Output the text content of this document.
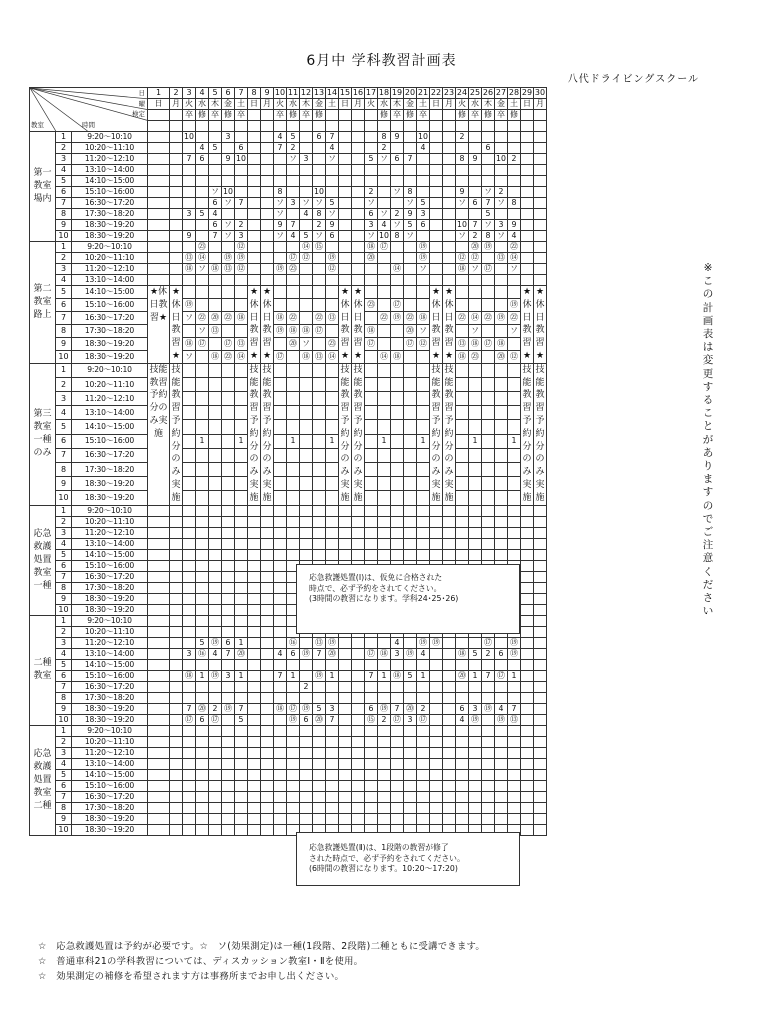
6月中 学科教習計画表
八代ドライビングスクール
日
曜
検定
教室 時間			1	2	3	4	5	6	7	8	9	10	11	12	13	14	15	16	17	18	19	20	21	22	23	24	25	26	27	28	29	30
			日	月	火	水	木	金	土	日	月	火	水	木	金	土	日	月	火	水	木	金	土	日	月	火	水	木	金	土	日	月
					卒	修	卒	修	卒			卒	修	卒	修					修	卒	修	卒			修	卒	修	卒	修		

第一教室 場内	1	9:20～10:10			10			3				4	5		6	7				8	9		10			2						
	2	10:20～11:10				4	5		6			7	2			4				2			4					6				
	3	11:20～12:10			7	6		9	10				ソ	3		ソ			5	ソ	6	7				8	9		10	2		
	4	13:10～14:00																														
	5	14:10～15:00																														
	6	15:10～16:00					ソ	10				8			10				2		ソ	8				9		ソ	2			
	7	16:30～17:20					6	ソ	7			ソ	3	ソ	ソ	5			ソ			ソ	5			ソ	6	7	ソ	8		
	8	17:30～18:20			3	5	4					ソ		4	8	ソ			6	ソ	2	9	3					5				
	9	18:30～19:20					6	ソ	2			9	7		2	9			3	4	ソ	5	6			10	7	ソ	3	9		
	10	18:30～19:20			9		7	ソ	3			ソ	4	5	ソ	6			ソ	10	8	ソ				ソ	2	8	ソ	4		
第二教室 路上	1	9:20～10:10				㉓			⑫					⑭	⑮				⑱	⑰			⑲				⑳	⑲		㉒		
	2	10:20～11:10			⑬	⑭		⑲	⑲				⑰	⑫		⑲			⑳				⑲			⑫	⑫		⑬	⑭		
	3	11:20～12:10			⑱	ソ	⑱	⑬	⑫			⑲	㉓			⑫					⑭		ソ			⑱	ソ	⑰		ソ		
	4	13:10～14:00																														
	5	14:10～15:00	★休日教習★	★休日教習★						★休日教習★	★休日教習★						★休日教習★	★休日教習★						★休日教習★	★休日教習★						★休日教習★	★休日教習★
	6	15:10～16:00			⑲														㉓		⑰									⑲		
	7	16:30～17:20			ソ	㉒	⑳	㉒	⑱			⑱	㉒		㉒	⑬				㉒	⑲	㉒	⑱			㉒	⑭	㉒	⑲	㉒		
	8	17:30～18:20				ソ	⑬					⑲	⑱	⑱	⑰				⑱			⑳	ソ				ソ			ソ		
	9	18:30～19:20			⑱	⑰		⑰	⑬				⑳	ソ		㉓			⑰			⑰	⑫			⑬	⑱	⑰	⑱			
	10	18:30～19:20			ソ		⑱	㉒	⑭			⑰		⑱	⑬	⑭				⑭	⑱					⑱	㉓		⑳	⑫		
第三教室 一種のみ	1	9:20～10:10	技能教習予約分のみ実施	技能教習予約分のみ実施						技能教習予約分のみ実施	技能教習予約分のみ実施						技能教習予約分のみ実施	技能教習予約分のみ実施						技能教習予約分のみ実施	技能教習予約分のみ実施						技能教習予約分のみ実施	技能教習予約分のみ実施
	2	10:20～11:10																														
	3	11:20～12:10																														
	4	13:10～14:00																														
	5	14:10～15:00																														
	6	15:10～16:00				1			1				1			1				1			1				1			1		
	7	16:30～17:20																														
	8	17:30～18:20																														
	9	18:30～19:20																														
	10	18:30～19:20																														
応急救護処置教室 一種	1	9:20～10:10																														
	2	10:20～11:10																														
	3	11:20～12:10																														
	4	13:10～14:00																														
	5	14:10～15:00																														
	6	15:10～16:00																														
	7	16:30～17:20																														
	8	17:30～18:20																														
	9	18:30～19:20																														
	10	18:30～19:20																														
二種教室	1	9:20～10:10																														
	2	10:20～11:10																														
	3	11:20～12:10				5	⑲	6	1				⑯		⑬	⑲					4		⑲	⑲				⑰		⑲		
	4	13:10～14:00			3	⑯	4	7	⑳			4	6	⑲	7	⑳			⑰	⑱	3	⑲	4			⑱	5	2	6	⑲		
	5	14:10～15:00																														
	6	15:10～16:00			⑱	1	⑲	3	1			7	1		⑲	1			7	1	⑱	5	1			⑳	1	7	⑰	1		
	7	16:30～17:20												2																		
	8	17:30～18:20																														
	9	18:30～19:20			7	⑳	2	⑲	7			⑱	⑰	⑲	5	3			6	⑲	7	⑳	2			6	3	⑲	4	7		
	10	18:30～19:20			⑰	6	⑰		5				⑲	6	⑳	7			⑮	2	⑰	3	⑰			4	⑲		⑲	⑬		
応急救護処置教室 二種	1	9:20～10:10																														
	2	10:20～11:10																														
	3	11:20～12:10																														
	4	13:10～14:00																														
	5	14:10～15:00																														
	6	15:10～16:00																														
	7	16:30～17:20																														
	8	17:30～18:20																														
	9	18:30～19:20																														
	10	18:30～19:20																														
応急救護処置(Ⅰ)は、仮免に合格された
時点で、必ず予約をされてください。
(3時間の教習になります。学科24･25･26)
応急救護処置(Ⅱ)は、1段階の教習が修了
された時点で、必ず予約をされてください。
(6時間の教習になります。10:20～17:20)
※この計画表は変更することがありますのでご注意ください
☆　応急救護処置は予約が必要です。☆　ソ(効果測定)は一種(1段階、2段階)二種ともに受講できます。
☆　普通車科21の学科教習については、ディスカッション教室Ⅰ・Ⅱを使用。
☆　効果測定の補修を希望されます方は事務所までお申し出ください。
